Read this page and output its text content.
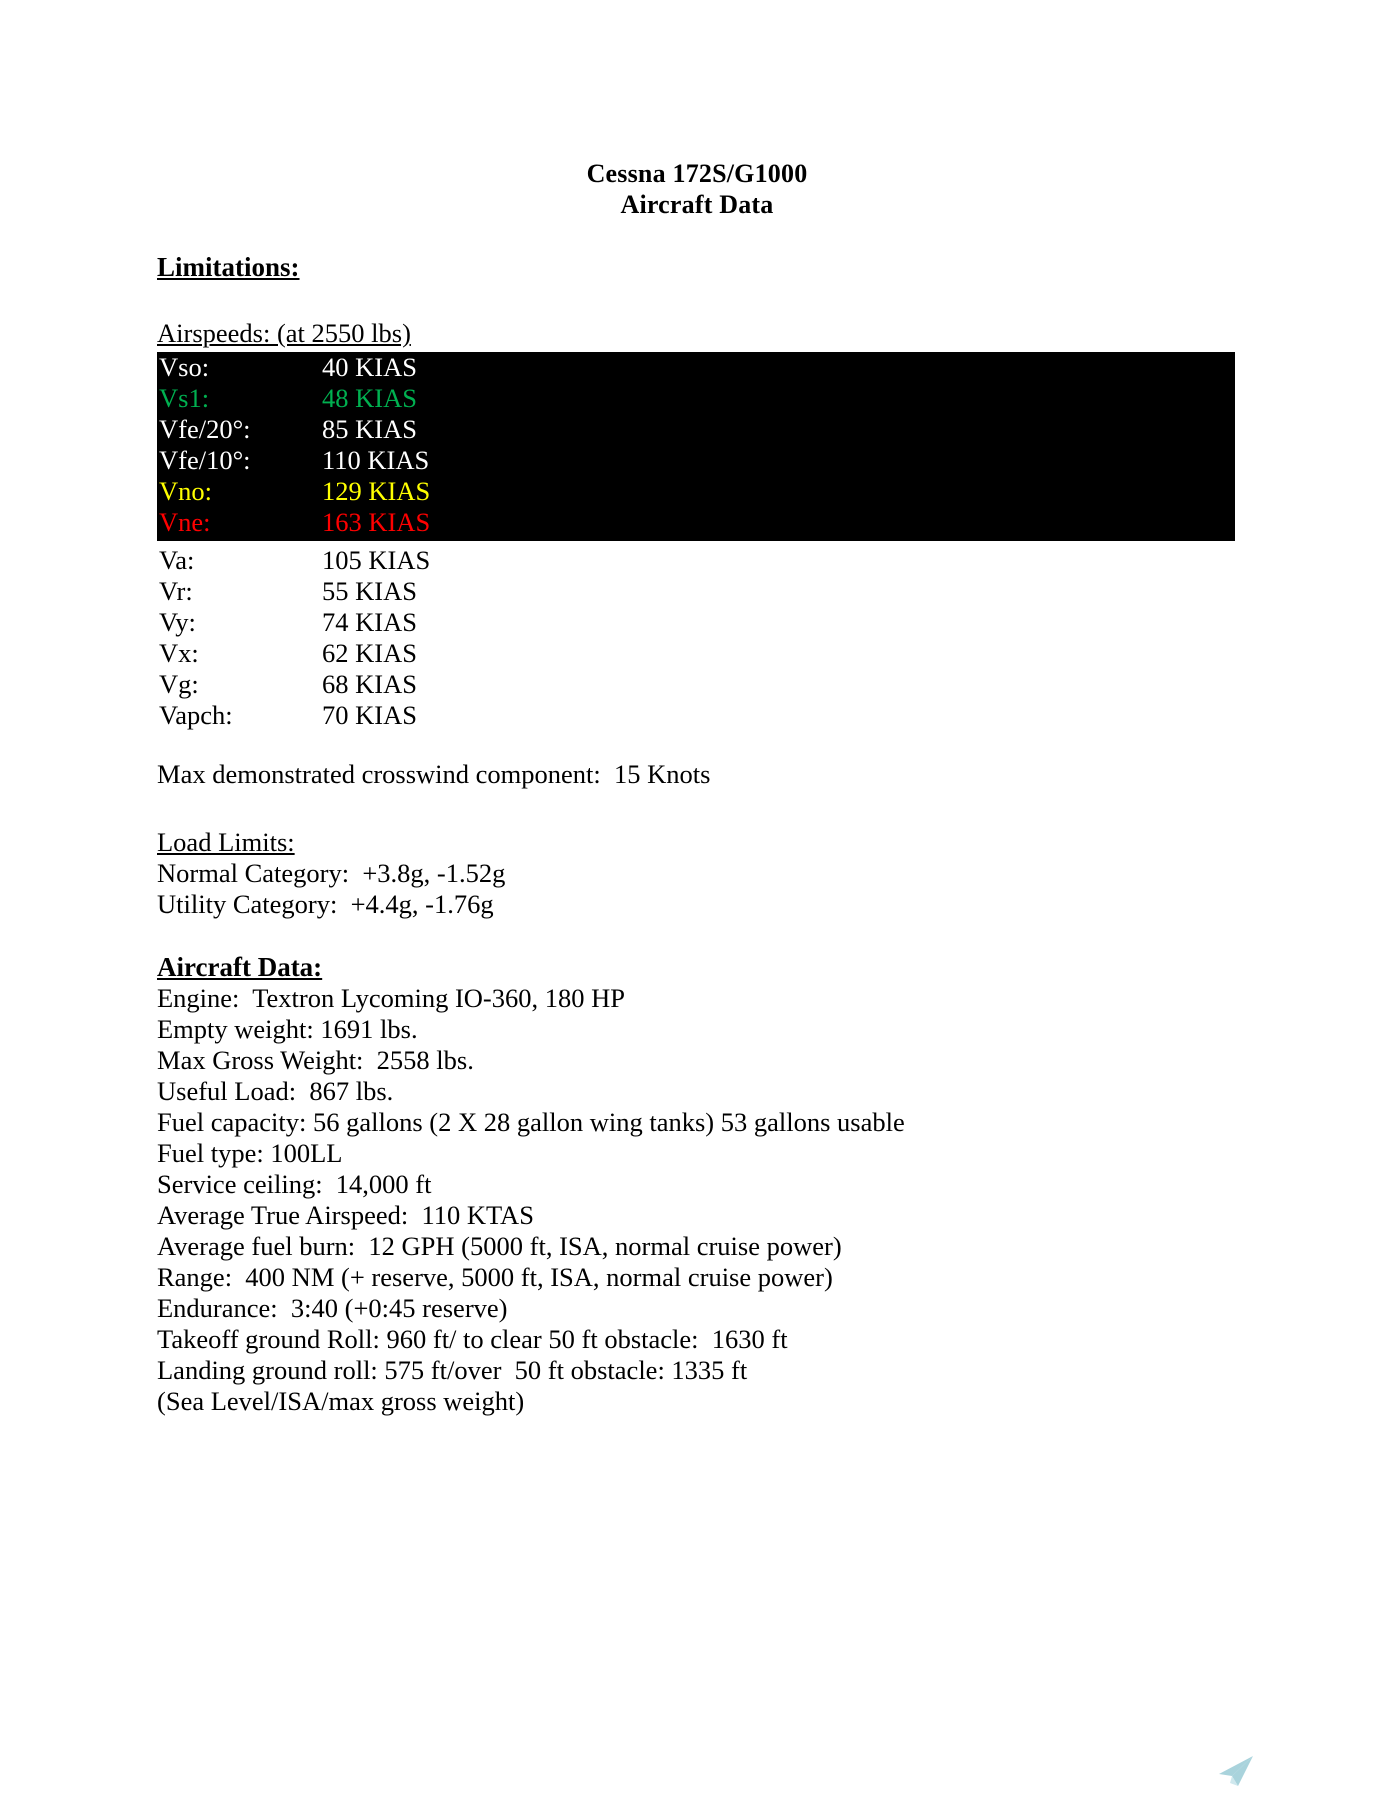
Cessna 172S/G1000
Aircraft Data
Limitations:
Airspeeds: (at 2550 lbs)
Vso:	40 KIAS
Vs1:	48 KIAS
Vfe/20°:	85 KIAS
Vfe/10°:	110 KIAS
Vno:	129 KIAS
Vne:	163 KIAS
Va:	105 KIAS
Vr:	55 KIAS
Vy:	74 KIAS
Vx:	62 KIAS
Vg:	68 KIAS
Vapch:	70 KIAS
Max demonstrated crosswind component:  15 Knots
Load Limits:
Normal Category:  +3.8g, -1.52g
Utility Category:  +4.4g, -1.76g
Aircraft Data:
Engine:  Textron Lycoming IO-360, 180 HP
Empty weight: 1691 lbs.
Max Gross Weight:  2558 lbs.
Useful Load:  867 lbs.
Fuel capacity: 56 gallons (2 X 28 gallon wing tanks) 53 gallons usable
Fuel type: 100LL
Service ceiling:  14,000 ft
Average True Airspeed:  110 KTAS
Average fuel burn:  12 GPH (5000 ft, ISA, normal cruise power)
Range:  400 NM (+ reserve, 5000 ft, ISA, normal cruise power)
Endurance:  3:40 (+0:45 reserve)
Takeoff ground Roll: 960 ft/ to clear 50 ft obstacle:  1630 ft
Landing ground roll: 575 ft/over  50 ft obstacle: 1335 ft
(Sea Level/ISA/max gross weight)
